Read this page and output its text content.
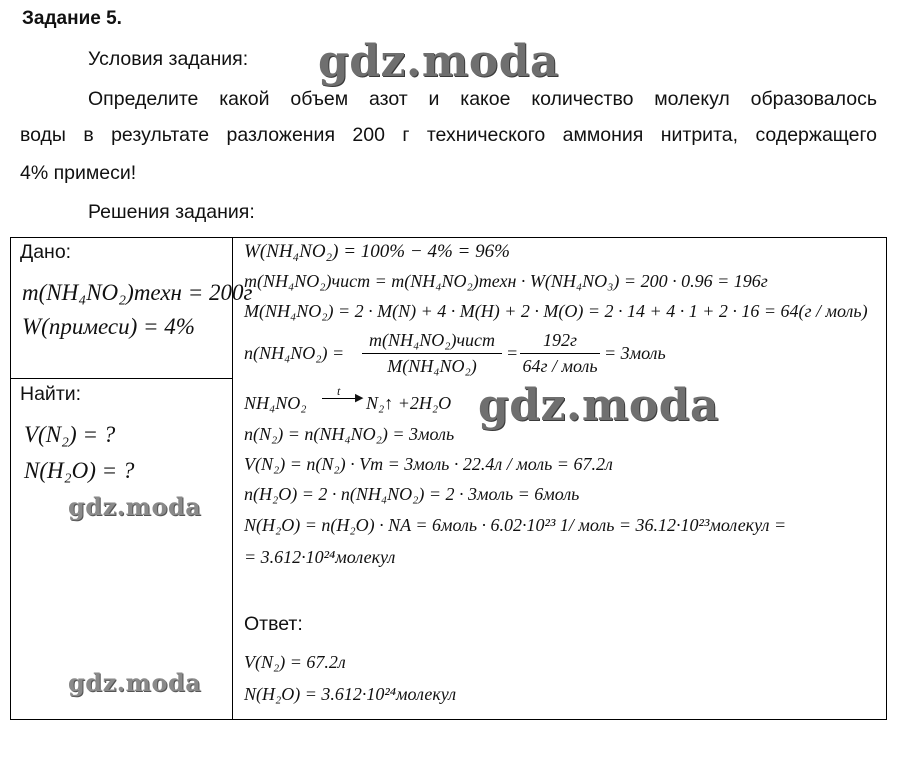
Задание 5.
Условия задания: gdz.moda
Определите какой объем азот и какое количество молекул образовалось
воды в результате разложения 200 г технического аммония нитрита, содержащего
4% примеси!
Решения задания:
Дано:
m(NH₄NO₂)техн = 200г
W(примеси) = 4%
Найти:
V(N₂) = ?
N(H₂O) = ?
gdz.moda
gdz.moda
W(NH₄NO₂) = 100% − 4% = 96%
m(NH₄NO₂)чист = m(NH₄NO₂)техн · W(NH₄NO₃) = 200 · 0.96 = 196г
M(NH₄NO₂) = 2 · M(N) + 4 · M(H) + 2 · M(O) = 2 · 14 + 4 · 1 + 2 · 16 = 64(г / моль)
n(NH₄NO₂) =
m(NH₄NO₂)чист
M(NH₄NO₂)
=
192г
64г / моль
= 3моль
NH₄NO₂
t ▶ N₂↑ +2H₂O gdz.moda
n(N₂) = n(NH₄NO₂) = 3моль
V(N₂) = n(N₂) · Vm = 3моль · 22.4л / моль = 67.2л
n(H₂O) = 2 · n(NH₄NO₂) = 2 · 3моль = 6моль
N(H₂O) = n(H₂O) · NA = 6моль · 6.02·10²³ 1/ моль = 36.12·10²³молекул =
= 3.612·10²⁴молекул
Ответ:
V(N₂) = 67.2л
N(H₂O) = 3.612·10²⁴молекул
